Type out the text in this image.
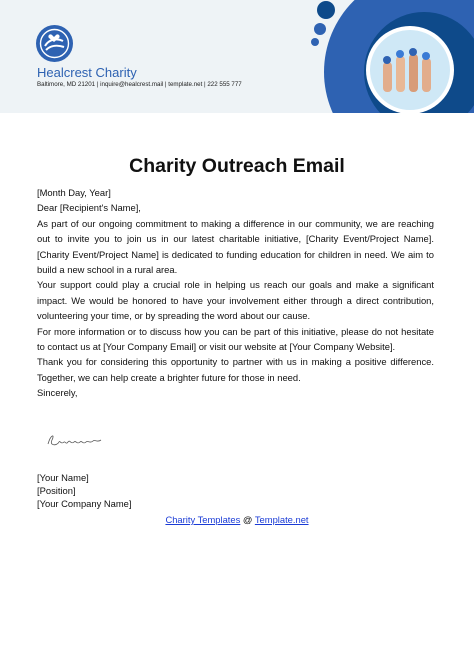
Healcrest Charity
Baltimore, MD 21201 | inquire@healcrest.mail | template.net | 222 555 777
Charity Outreach Email

[Month Day, Year]

Dear [Recipient's Name],

As part of our ongoing commitment to making a difference in our community, we are reaching out to invite you to join us in our latest charitable initiative, [Charity Event/Project Name]. [Charity Event/Project Name] is dedicated to funding education for children in need. We aim to build a new school in a rural area.

Your support could play a crucial role in helping us reach our goals and make a significant impact. We would be honored to have your involvement either through a direct contribution, volunteering your time, or by spreading the word about our cause.

For more information or to discuss how you can be part of this initiative, please do not hesitate to contact us at [Your Company Email] or visit our website at [Your Company Website].

Thank you for considering this opportunity to partner with us in making a positive difference. Together, we can help create a brighter future for those in need.

Sincerely,

[Your Name]
[Position]
[Your Company Name]
Charity Templates @ Template.net
